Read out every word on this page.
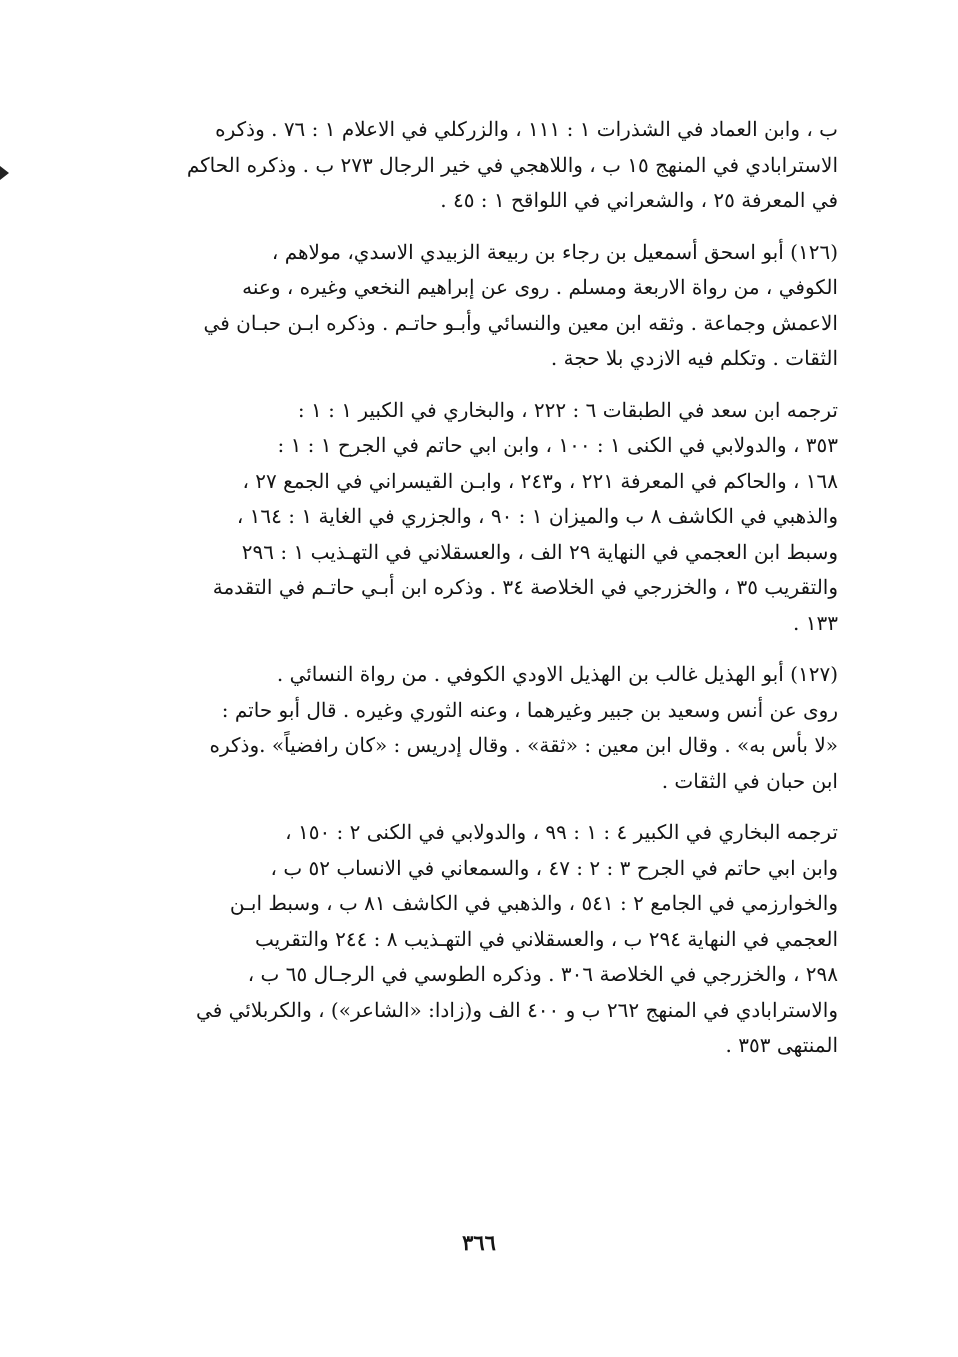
ب ، وابن العماد في الشذرات ١ : ١١١ ، والزركلي في الاعلام ١ : ٧٦ . وذكره
الاسترابادي في المنهج ١٥ ب ، واللاهجي في خير الرجال ٢٧٣ ب . وذكره الحاكم
في المعرفة ٢٥ ، والشعراني في اللواقح ١ : ٤٥ .
(١٢٦) أبو اسحق أسمعيل بن رجاء بن ربيعة الزبيدي الاسدي، مولاهم ،
الكوفي ، من رواة الاربعة ومسلم . روى عن إبراهيم النخعي وغيره ، وعنه
الاعمش وجماعة . وثقه ابن معين والنسائي وأبـو حاتـم . وذكره ابـن حبـان في
الثقات . وتكلم فيه الازدي بلا حجة .
ترجمه ابن سعد في الطبقات ٦ : ٢٢٢ ، والبخاري في الكبير ١ : ١ :
٣٥٣ ، والدولابي في الكنى ١ : ١٠٠ ، وابن ابي حاتم في الجرح ١ : ١ :
١٦٨ ، والحاكم في المعرفة ٢٢١ ، و٢٤٣ ، وابـن القيسراني في الجمع ٢٧ ،
والذهبي في الكاشف ٨ ب والميزان ١ : ٩٠ ، والجزري في الغاية ١ : ١٦٤ ،
وسبط ابن العجمي في النهاية ٢٩ الف ، والعسقلاني في التهـذيب ١ : ٢٩٦
والتقريب ٣٥ ، والخزرجي في الخلاصة ٣٤ . وذكره ابن أبـي حاتـم في التقدمة
١٣٣ .
(١٢٧) أبو الهذيل غالب بن الهذيل الاودي الكوفي . من رواة النسائي .
روى عن أنس وسعيد بن جبير وغيرهما ، وعنه الثوري وغيره . قال أبو حاتم :
«لا بأس به» . وقال ابن معين : «ثقة» . وقال إدريس : «كان رافضياً» .وذكره
ابن حبان في الثقات .
ترجمه البخاري في الكبير ٤ : ١ : ٩٩ ، والدولابي في الكنى ٢ : ١٥٠ ،
وابن ابي حاتم في الجرح ٣ : ٢ : ٤٧ ، والسمعاني في الانساب ٥٢ ب ،
والخوارزمي في الجامع ٢ : ٥٤١ ، والذهبي في الكاشف ٨١ ب ، وسبط ابـن
العجمي في النهاية ٢٩٤ ب ، والعسقلاني في التهـذيب ٨ : ٢٤٤ والتقريب
٢٩٨ ، والخزرجي في الخلاصة ٣٠٦ . وذكره الطوسي في الرجـال ٦٥ ب ،
والاسترابادي في المنهج ٢٦٢ ب و ٤٠٠ الف و(زادا: «الشاعر») ، والكربلائي في
المنتهى ٣٥٣ .
٣٦٦
